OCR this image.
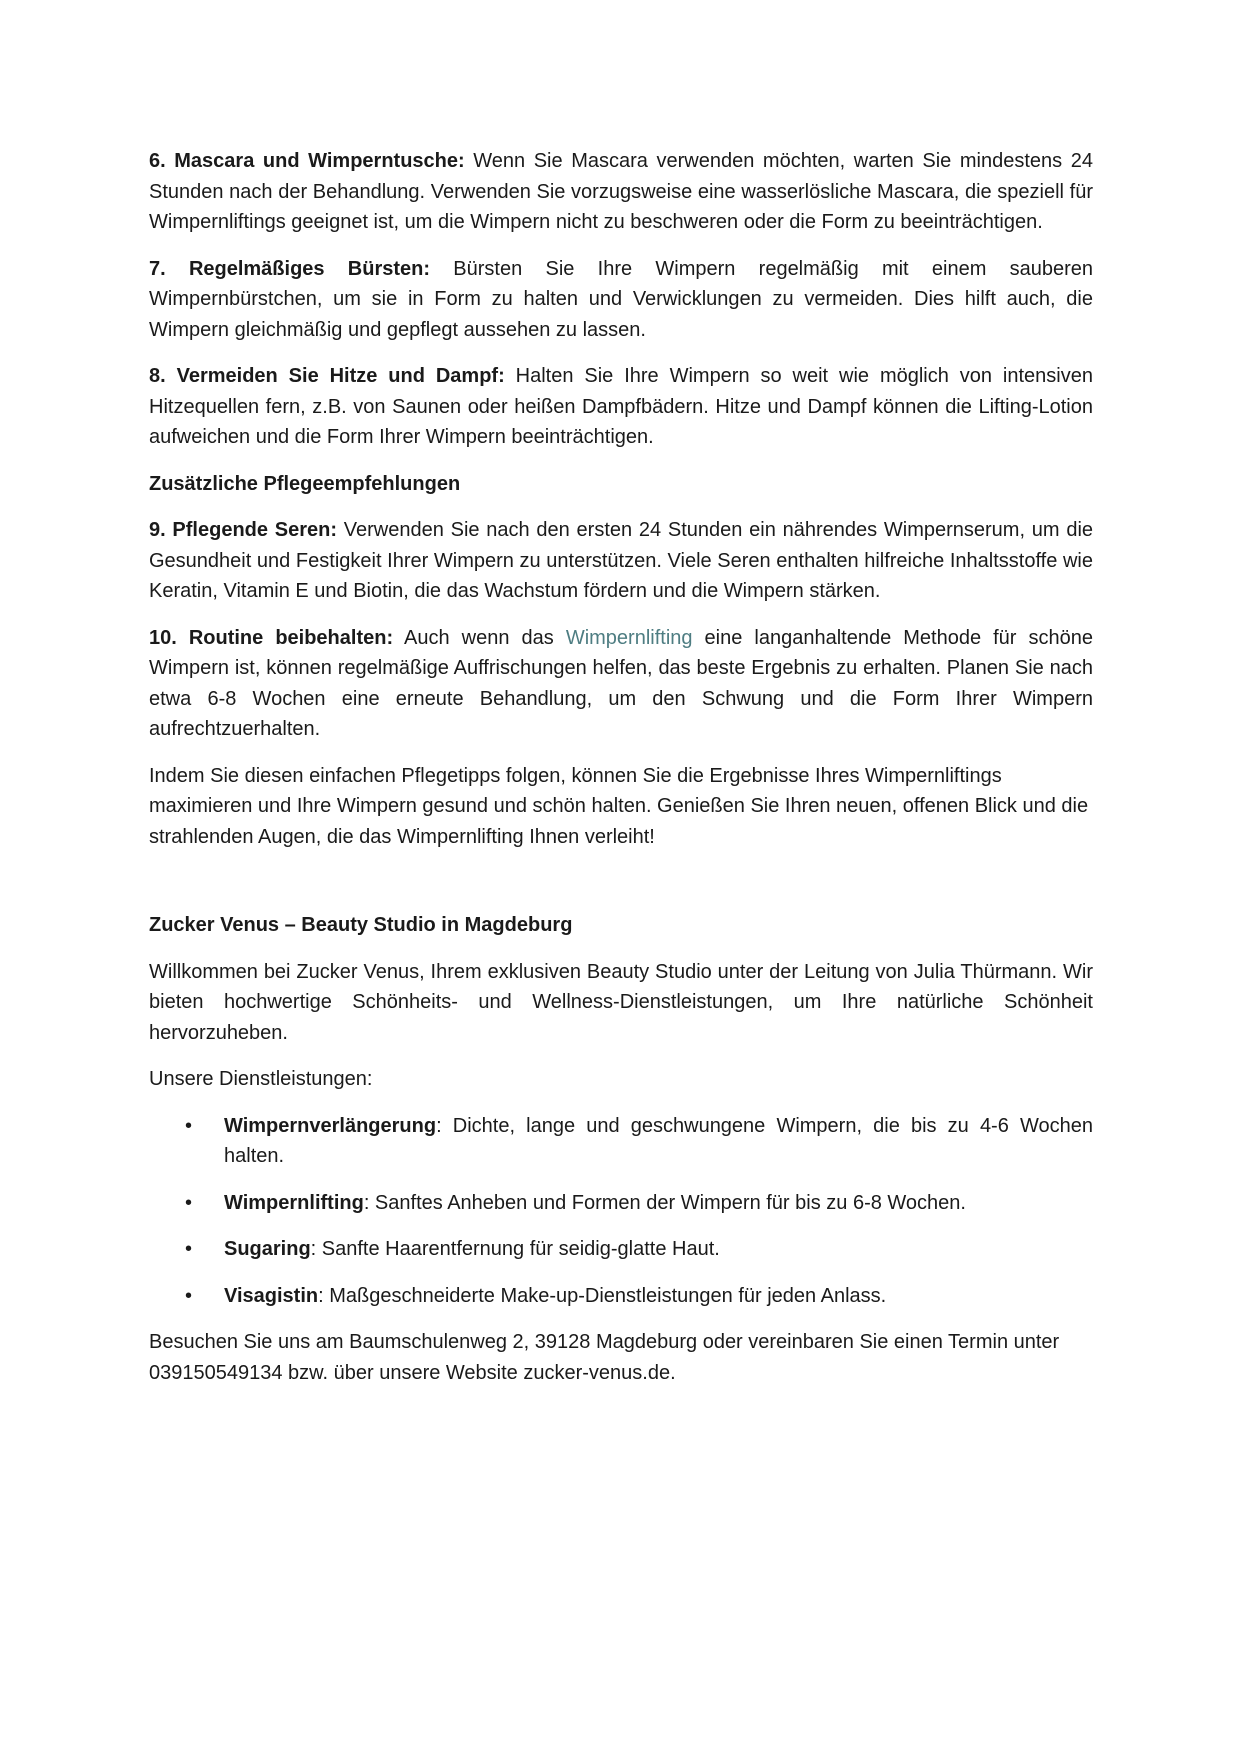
6. Mascara und Wimperntusche: Wenn Sie Mascara verwenden möchten, warten Sie mindestens 24 Stunden nach der Behandlung. Verwenden Sie vorzugsweise eine wasserlösliche Mascara, die speziell für Wimpernliftings geeignet ist, um die Wimpern nicht zu beschweren oder die Form zu beeinträchtigen.

7. Regelmäßiges Bürsten: Bürsten Sie Ihre Wimpern regelmäßig mit einem sauberen Wimpernbürstchen, um sie in Form zu halten und Verwicklungen zu vermeiden. Dies hilft auch, die Wimpern gleichmäßig und gepflegt aussehen zu lassen.

8. Vermeiden Sie Hitze und Dampf: Halten Sie Ihre Wimpern so weit wie möglich von intensiven Hitzequellen fern, z.B. von Saunen oder heißen Dampfbädern. Hitze und Dampf können die Lifting-Lotion aufweichen und die Form Ihrer Wimpern beeinträchtigen.

Zusätzliche Pflegeempfehlungen

9. Pflegende Seren: Verwenden Sie nach den ersten 24 Stunden ein nährendes Wimpernserum, um die Gesundheit und Festigkeit Ihrer Wimpern zu unterstützen. Viele Seren enthalten hilfreiche Inhaltsstoffe wie Keratin, Vitamin E und Biotin, die das Wachstum fördern und die Wimpern stärken.

10. Routine beibehalten: Auch wenn das Wimpernlifting eine langanhaltende Methode für schöne Wimpern ist, können regelmäßige Auffrischungen helfen, das beste Ergebnis zu erhalten. Planen Sie nach etwa 6-8 Wochen eine erneute Behandlung, um den Schwung und die Form Ihrer Wimpern aufrechtzuerhalten.

Indem Sie diesen einfachen Pflegetipps folgen, können Sie die Ergebnisse Ihres Wimpernliftings maximieren und Ihre Wimpern gesund und schön halten. Genießen Sie Ihren neuen, offenen Blick und die strahlenden Augen, die das Wimpernlifting Ihnen verleiht!

Zucker Venus – Beauty Studio in Magdeburg

Willkommen bei Zucker Venus, Ihrem exklusiven Beauty Studio unter der Leitung von Julia Thürmann. Wir bieten hochwertige Schönheits- und Wellness-Dienstleistungen, um Ihre natürliche Schönheit hervorzuheben.

Unsere Dienstleistungen:

• Wimpernverlängerung: Dichte, lange und geschwungene Wimpern, die bis zu 4-6 Wochen halten.
• Wimpernlifting: Sanftes Anheben und Formen der Wimpern für bis zu 6-8 Wochen.
• Sugaring: Sanfte Haarentfernung für seidig-glatte Haut.
• Visagistin: Maßgeschneiderte Make-up-Dienstleistungen für jeden Anlass.

Besuchen Sie uns am Baumschulenweg 2, 39128 Magdeburg oder vereinbaren Sie einen Termin unter 039150549134 bzw. über unsere Website zucker-venus.de.
